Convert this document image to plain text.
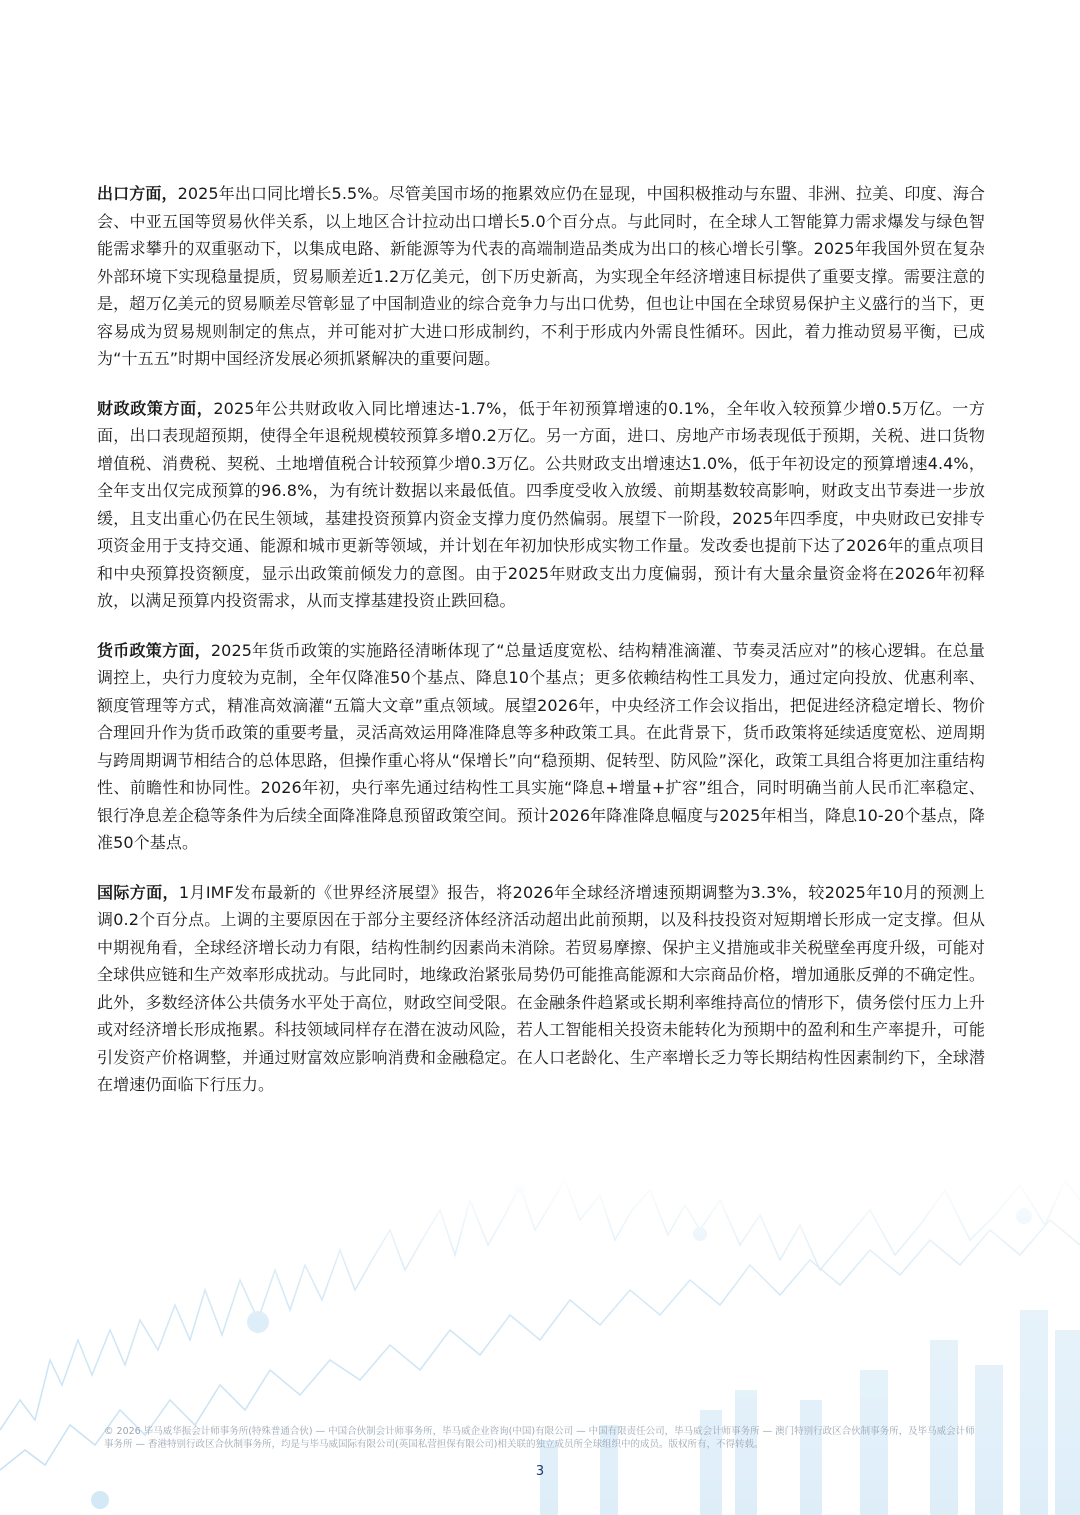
出口方面，2025年出口同比增长5.5%。尽管美国市场的拖累效应仍在显现，中国积极推动与东盟、非洲、拉美、印度、海合会、中亚五国等贸易伙伴关系，以上地区合计拉动出口增长5.0个百分点。与此同时，在全球人工智能算力需求爆发与绿色智能需求攀升的双重驱动下，以集成电路、新能源等为代表的高端制造品类成为出口的核心增长引擎。2025年我国外贸在复杂外部环境下实现稳量提质，贸易顺差近1.2万亿美元，创下历史新高，为实现全年经济增速目标提供了重要支撑。需要注意的是，超万亿美元的贸易顺差尽管彰显了中国制造业的综合竞争力与出口优势，但也让中国在全球贸易保护主义盛行的当下，更容易成为贸易规则制定的焦点，并可能对扩大进口形成制约，不利于形成内外需良性循环。因此，着力推动贸易平衡，已成为“十五五”时期中国经济发展必须抓紧解决的重要问题。

财政政策方面，2025年公共财政收入同比增速达-1.7%，低于年初预算增速的0.1%，全年收入较预算少增0.5万亿。一方面，出口表现超预期，使得全年退税规模较预算多增0.2万亿。另一方面，进口、房地产市场表现低于预期，关税、进口货物增值税、消费税、契税、土地增值税合计较预算少增0.3万亿。公共财政支出增速达1.0%，低于年初设定的预算增速4.4%，全年支出仅完成预算的96.8%，为有统计数据以来最低值。四季度受收入放缓、前期基数较高影响，财政支出节奏进一步放缓，且支出重心仍在民生领域，基建投资预算内资金支撑力度仍然偏弱。展望下一阶段，2025年四季度，中央财政已安排专项资金用于支持交通、能源和城市更新等领域，并计划在年初加快形成实物工作量。发改委也提前下达了2026年的重点项目和中央预算投资额度，显示出政策前倾发力的意图。由于2025年财政支出力度偏弱，预计有大量余量资金将在2026年初释放，以满足预算内投资需求，从而支撑基建投资止跌回稳。

货币政策方面，2025年货币政策的实施路径清晰体现了“总量适度宽松、结构精准滴灌、节奏灵活应对”的核心逻辑。在总量调控上，央行力度较为克制，全年仅降准50个基点、降息10个基点；更多依赖结构性工具发力，通过定向投放、优惠利率、额度管理等方式，精准高效滴灌“五篇大文章”重点领域。展望2026年，中央经济工作会议指出，把促进经济稳定增长、物价合理回升作为货币政策的重要考量，灵活高效运用降准降息等多种政策工具。在此背景下，货币政策将延续适度宽松、逆周期与跨周期调节相结合的总体思路，但操作重心将从“保增长”向“稳预期、促转型、防风险”深化，政策工具组合将更加注重结构性、前瞻性和协同性。2026年初，央行率先通过结构性工具实施“降息+增量+扩容”组合，同时明确当前人民币汇率稳定、银行净息差企稳等条件为后续全面降准降息预留政策空间。预计2026年降准降息幅度与2025年相当，降息10-20个基点，降准50个基点。

国际方面，1月IMF发布最新的《世界经济展望》报告，将2026年全球经济增速预期调整为3.3%，较2025年10月的预测上调0.2个百分点。上调的主要原因在于部分主要经济体经济活动超出此前预期，以及科技投资对短期增长形成一定支撑。但从中期视角看，全球经济增长动力有限，结构性制约因素尚未消除。若贸易摩擦、保护主义措施或非关税壁垒再度升级，可能对全球供应链和生产效率形成扰动。与此同时，地缘政治紧张局势仍可能推高能源和大宗商品价格，增加通胀反弹的不确定性。此外，多数经济体公共债务水平处于高位，财政空间受限。在金融条件趋紧或长期利率维持高位的情形下，债务偿付压力上升或对经济增长形成拖累。科技领域同样存在潜在波动风险，若人工智能相关投资未能转化为预期中的盈利和生产率提升，可能引发资产价格调整，并通过财富效应影响消费和金融稳定。在人口老龄化、生产率增长乏力等长期结构性因素制约下，全球潜在增速仍面临下行压力。

© 2026 毕马威华振会计师事务所(特殊普通合伙) — 中国合伙制会计师事务所，毕马威企业咨询(中国)有限公司 — 中国有限责任公司，毕马威会计师事务所 — 澳门特别行政区合伙制事务所，及毕马威会计师事务所 — 香港特别行政区合伙制事务所，均是与毕马威国际有限公司(英国私营担保有限公司)相关联的独立成员所全球组织中的成员。版权所有，不得转载。
3
